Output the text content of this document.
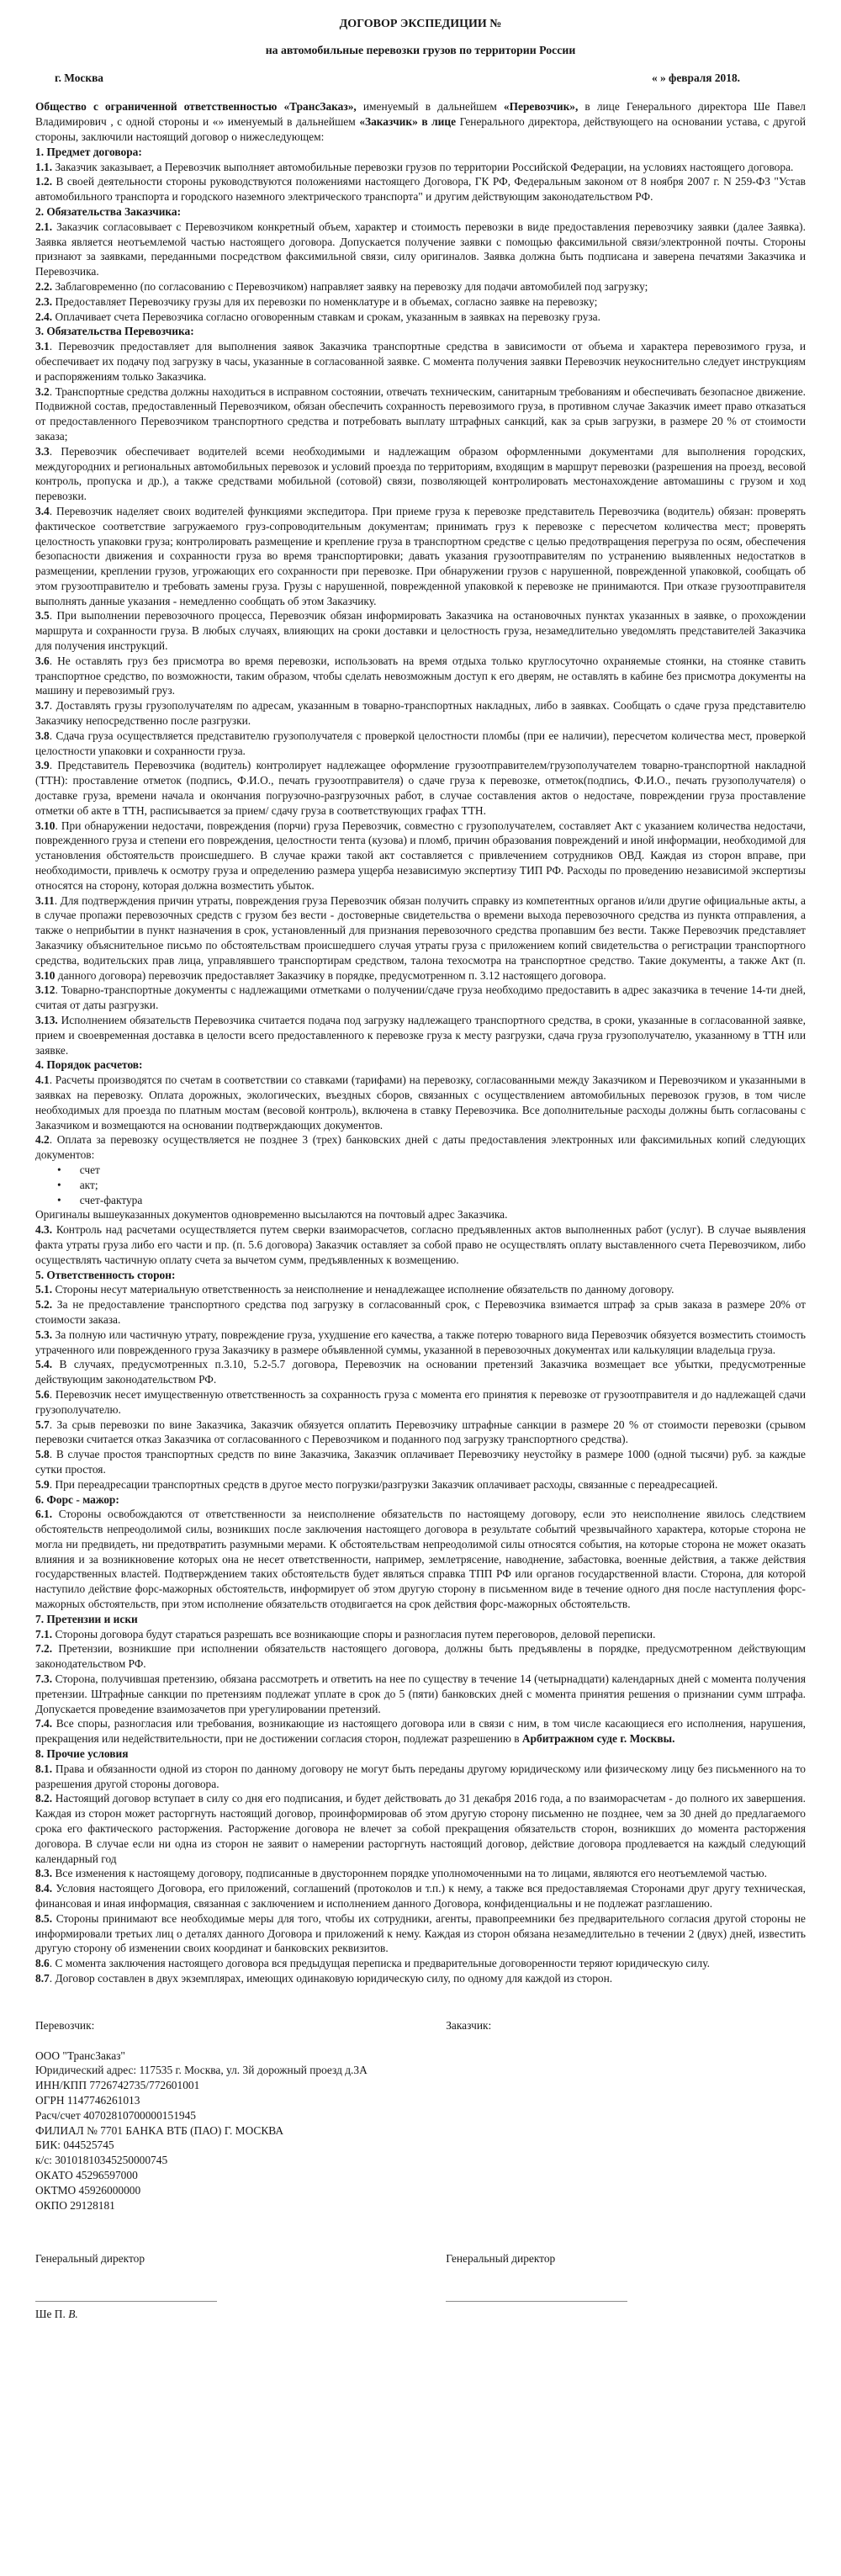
ДОГОВОР ЭКСПЕДИЦИИ №

на автомобильные перевозки грузов по территории России

г. Москва	« » февраля 2018.

Общество с ограниченной ответственностью «ТрансЗаказ», именуемый в дальнейшем «Перевозчик», в лице Генерального директора Ше Павел Владимирович , с одной стороны и «» именуемый в дальнейшем «Заказчик» в лице Генерального директора, действующего на основании устава, с другой стороны, заключили настоящий договор о нижеследующем:

1. Предмет договора:

1.1. Заказчик заказывает, а Перевозчик выполняет автомобильные перевозки грузов по территории Российской Федерации, на условиях настоящего договора.

1.2. В своей деятельности стороны руководствуются положениями настоящего Договора, ГК РФ, Федеральным законом от 8 ноября 2007 г. N 259-ФЗ "Устав автомобильного транспорта и городского наземного электрического транспорта" и другим действующим законодательством РФ.

2. Обязательства Заказчика:

2.1. Заказчик согласовывает с Перевозчиком конкретный объем, характер и стоимость перевозки в виде предоставления перевозчику заявки (далее Заявка). Заявка является неотъемлемой частью настоящего договора. Допускается получение заявки с помощью факсимильной связи/электронной почты. Стороны признают за заявками, переданными посредством факсимильной связи, силу оригиналов. Заявка должна быть подписана и заверена печатями Заказчика и Перевозчика.

2.2. Заблаговременно (по согласованию с Перевозчиком) направляет заявку на перевозку для подачи автомобилей под загрузку;

2.3. Предоставляет Перевозчику грузы для их перевозки по номенклатуре и в объемах, согласно заявке на перевозку;

2.4. Оплачивает счета Перевозчика согласно оговоренным ставкам и срокам, указанным в заявках на перевозку груза.

3. Обязательства Перевозчика:

3.1. Перевозчик предоставляет для выполнения заявок Заказчика транспортные средства в зависимости от объема и характера перевозимого груза, и обеспечивает их подачу под загрузку в часы, указанные в согласованной заявке. С момента получения заявки Перевозчик неукоснительно следует инструкциям и распоряжениям только Заказчика.

3.2. Транспортные средства должны находиться в исправном состоянии, отвечать техническим, санитарным требованиям и обеспечивать безопасное движение. Подвижной состав, предоставленный Перевозчиком, обязан обеспечить сохранность перевозимого груза, в противном случае Заказчик имеет право отказаться от предоставленного Перевозчиком транспортного средства и потребовать выплату штрафных санкций, как за срыв загрузки, в размере 20 % от стоимости заказа;

3.3. Перевозчик обеспечивает водителей всеми необходимыми и надлежащим образом оформленными документами для выполнения городских, междугородних и региональных автомобильных перевозок и условий проезда по территориям, входящим в маршрут перевозки (разрешения на проезд, весовой контроль, пропуска и др.), а также средствами мобильной (сотовой) связи, позволяющей контролировать местонахождение автомашины с грузом и ход перевозки.

3.4. Перевозчик наделяет своих водителей функциями экспедитора. При приеме груза к перевозке представитель Перевозчика (водитель) обязан: проверять фактическое соответствие загружаемого груз-сопроводительным документам; принимать груз к перевозке с пересчетом количества мест; проверять целостность упаковки груза; контролировать размещение и крепление груза в транспортном средстве с целью предотвращения перегруза по осям, обеспечения безопасности движения и сохранности груза во время транспортировки; давать указания грузоотправителям по устранению выявленных недостатков в размещении, креплении грузов, угрожающих его сохранности при перевозке. При обнаружении грузов с нарушенной, поврежденной упаковкой, сообщать об этом грузоотправителю и требовать замены груза. Грузы с нарушенной, поврежденной упаковкой к перевозке не принимаются. При отказе грузоотправителя выполнять данные указания - немедленно сообщать об этом Заказчику.

3.5. При выполнении перевозочного процесса, Перевозчик обязан информировать Заказчика на остановочных пунктах указанных в заявке, о прохождении маршрута и сохранности груза. В любых случаях, влияющих на сроки доставки и целостность груза, незамедлительно уведомлять представителей Заказчика для получения инструкций.

3.6. Не оставлять груз без присмотра во время перевозки, использовать на время отдыха только круглосуточно охраняемые стоянки, на стоянке ставить транспортное средство, по возможности, таким образом, чтобы сделать невозможным доступ к его дверям, не оставлять в кабине без присмотра документы на машину и перевозимый груз.

3.7. Доставлять грузы грузополучателям по адресам, указанным в товарно-транспортных накладных, либо в заявках. Сообщать о сдаче груза представителю Заказчику непосредственно после разгрузки.

3.8. Сдача груза осуществляется представителю грузополучателя с проверкой целостности пломбы (при ее наличии), пересчетом количества мест, проверкой целостности упаковки и сохранности груза.

3.9. Представитель Перевозчика (водитель) контролирует надлежащее оформление грузоотправителем/грузополучателем товарно-транспортной накладной (ТТН): проставление отметок (подпись, Ф.И.О., печать грузоотправителя) о сдаче груза к перевозке, отметок(подпись, Ф.И.О., печать грузополучателя) о доставке груза, времени начала и окончания погрузочно-разгрузочных работ, в случае составления актов о недостаче, повреждении груза проставление отметки об акте в ТТН, расписывается за прием/ сдачу груза в соответствующих графах ТТН.

3.10. При обнаружении недостачи, повреждения (порчи) груза Перевозчик, совместно с грузополучателем, составляет Акт с указанием количества недостачи, поврежденного груза и степени его повреждения, целостности тента (кузова) и пломб, причин образования повреждений и иной информации, необходимой для установления обстоятельств происшедшего. В случае кражи такой акт составляется с привлечением сотрудников ОВД. Каждая из сторон вправе, при необходимости, привлечь к осмотру груза и определению размера ущерба независимую экспертизу ТИП РФ. Расходы по проведению независимой экспертизы относятся на сторону, которая должна возместить убыток.

3.11. Для подтверждения причин утраты, повреждения груза Перевозчик обязан получить справку из компетентных органов и/или другие официальные акты, а в случае пропажи перевозочных средств с грузом без вести - достоверные свидетельства о времени выхода перевозочного средства из пункта отправления, а также о неприбытии в пункт назначения в срок, установленный для признания перевозочного средства пропавшим без вести. Также Перевозчик представляет Заказчику объяснительное письмо по обстоятельствам происшедшего случая утраты груза с приложением копий свидетельства о регистрации транспортного средства, водительских прав лица, управлявшего транспортирам средством, талона техосмотра на транспортное средство. Такие документы, а также Акт (п. 3.10 данного договора) перевозчик предоставляет Заказчику в порядке, предусмотренном п. 3.12 настоящего договора.

3.12. Товарно-транспортные документы с надлежащими отметками о получении/сдаче груза необходимо предоставить в адрес заказчика в течение 14-ти дней, считая от даты разгрузки.

3.13. Исполнением обязательств Перевозчика считается подача под загрузку надлежащего транспортного средства, в сроки, указанные в согласованной заявке, прием и своевременная доставка в целости всего предоставленного к перевозке груза к месту разгрузки, сдача груза грузополучателю, указанному в ТТН или заявке.

4. Порядок расчетов:

4.1. Расчеты производятся по счетам в соответствии со ставками (тарифами) на перевозку, согласованными между Заказчиком и Перевозчиком и указанными в заявках на перевозку. Оплата дорожных, экологических, въездных сборов, связанных с осуществлением автомобильных перевозок грузов, в том числе необходимых для проезда по платным мостам (весовой контроль), включена в ставку Перевозчика. Все дополнительные расходы должны быть согласованы с Заказчиком и возмещаются на основании подтверждающих документов.

4.2. Оплата за перевозку осуществляется не позднее 3 (трех) банковских дней с даты предоставления электронных или факсимильных копий следующих документов:

• счет
• акт;
• счет-фактура

Оригиналы вышеуказанных документов одновременно высылаются на почтовый адрес Заказчика.

4.3. Контроль над расчетами осуществляется путем сверки взаиморасчетов, согласно предъявленных актов выполненных работ (услуг). В случае выявления факта утраты груза либо его части и пр. (п. 5.6 договора) Заказчик оставляет за собой право не осуществлять оплату выставленного счета Перевозчиком, либо осуществлять частичную оплату счета за вычетом сумм, предъявленных к возмещению.

5. Ответственность сторон:

5.1. Стороны несут материальную ответственность за неисполнение и ненадлежащее исполнение обязательств по данному договору.

5.2. За не предоставление транспортного средства под загрузку в согласованный срок, с Перевозчика взимается штраф за срыв заказа в размере 20% от стоимости заказа.

5.3. За полную или частичную утрату, повреждение груза, ухудшение его качества, а также потерю товарного вида Перевозчик обязуется возместить стоимость утраченного или поврежденного груза Заказчику в размере объявленной суммы, указанной в перевозочных документах или калькуляции владельца груза.

5.4. В случаях, предусмотренных п.3.10, 5.2-5.7 договора, Перевозчик на основании претензий Заказчика возмещает все убытки, предусмотренные действующим законодательством РФ.

5.6. Перевозчик несет имущественную ответственность за сохранность груза с момента его принятия к перевозке от грузоотправителя и до надлежащей сдачи грузополучателю.

5.7. За срыв перевозки по вине Заказчика, Заказчик обязуется оплатить Перевозчику штрафные санкции в размере 20 % от стоимости перевозки (срывом перевозки считается отказ Заказчика от согласованного с Перевозчиком и поданного под загрузку транспортного средства).

5.8. В случае простоя транспортных средств по вине Заказчика, Заказчик оплачивает Перевозчику неустойку в размере 1000 (одной тысячи) руб. за каждые сутки простоя.

5.9. При переадресации транспортных средств в другое место погрузки/разгрузки Заказчик оплачивает расходы, связанные с переадресацией.

6. Форс - мажор:

6.1. Стороны освобождаются от ответственности за неисполнение обязательств по настоящему договору, если это неисполнение явилось следствием обстоятельств непреодолимой силы, возникших после заключения настоящего договора в результате событий чрезвычайного характера, которые сторона не могла ни предвидеть, ни предотвратить разумными мерами. К обстоятельствам непреодолимой силы относятся события, на которые сторона не может оказать влияния и за возникновение которых она не несет ответственности, например, землетрясение, наводнение, забастовка, военные действия, а также действия государственных властей. Подтверждением таких обстоятельств будет являться справка ТПП РФ или органов государственной власти. Сторона, для которой наступило действие форс-мажорных обстоятельств, информирует об этом другую сторону в письменном виде в течение одного дня после наступления форс-мажорных обстоятельств, при этом исполнение обязательств отодвигается на срок действия форс-мажорных обстоятельств.

7. Претензии и иски

7.1. Стороны договора будут стараться разрешать все возникающие споры и разногласия путем переговоров, деловой переписки.

7.2. Претензии, возникшие при исполнении обязательств настоящего договора, должны быть предъявлены в порядке, предусмотренном действующим законодательством РФ.

7.3. Сторона, получившая претензию, обязана рассмотреть и ответить на нее по существу в течение 14 (четырнадцати) календарных дней с момента получения претензии. Штрафные санкции по претензиям подлежат уплате в срок до 5 (пяти) банковских дней с момента принятия решения о признании сумм штрафа. Допускается проведение взаимозачетов при урегулировании претензий.

7.4. Все споры, разногласия или требования, возникающие из настоящего договора или в связи с ним, в том числе касающиеся его исполнения, нарушения, прекращения или недействительности, при не достижении согласия сторон, подлежат разрешению в Арбитражном суде г. Москвы.

8. Прочие условия

8.1. Права и обязанности одной из сторон по данному договору не могут быть переданы другому юридическому или физическому лицу без письменного на то разрешения другой стороны договора.

8.2. Настоящий договор вступает в силу со дня его подписания, и будет действовать до 31 декабря 2016 года, а по взаиморасчетам - до полного их завершения. Каждая из сторон может расторгнуть настоящий договор, проинформировав об этом другую сторону письменно не позднее, чем за 30 дней до предлагаемого срока его фактического расторжения. Расторжение договора не влечет за собой прекращения обязательств сторон, возникших до момента расторжения договора. В случае если ни одна из сторон не заявит о намерении расторгнуть настоящий договор, действие договора продлевается на каждый следующий календарный год

8.3. Все изменения к настоящему договору, подписанные в двустороннем порядке уполномоченными на то лицами, являются его неотъемлемой частью.

8.4. Условия настоящего Договора, его приложений, соглашений (протоколов и т.п.) к нему, а также вся предоставляемая Сторонами друг другу техническая, финансовая и иная информация, связанная с заключением и исполнением данного Договора, конфиденциальны и не подлежат разглашению.

8.5. Стороны принимают все необходимые меры для того, чтобы их сотрудники, агенты, правопреемники без предварительного согласия другой стороны не информировали третьих лиц о деталях данного Договора и приложений к нему. Каждая из сторон обязана незамедлительно в течении 2 (двух) дней, известить другую сторону об изменении своих координат и банковских реквизитов.

8.6. С момента заключения настоящего договора вся предыдущая переписка и предварительные договоренности теряют юридическую силу.

8.7. Договор составлен в двух экземплярах, имеющих одинаковую юридическую силу, по одному для каждой из сторон.

Перевозчик:	Заказчик:
ООО "ТрансЗаказ"
Юридический адрес: 117535 г. Москва, ул. 3й дорожный проезд д.3А
ИНН/КПП 7726742735/772601001
ОГРН 1147746261013
Расч/счет 40702810700000151945
ФИЛИАЛ № 7701 БАНКА ВТБ (ПАО) Г. МОСКВА
БИК: 044525745
к/с: 30101810345250000745
ОКАТО 45296597000
ОКТМО 45926000000
ОКПО 29128181
Генеральный директор	Генеральный директор
Ше П. В.
